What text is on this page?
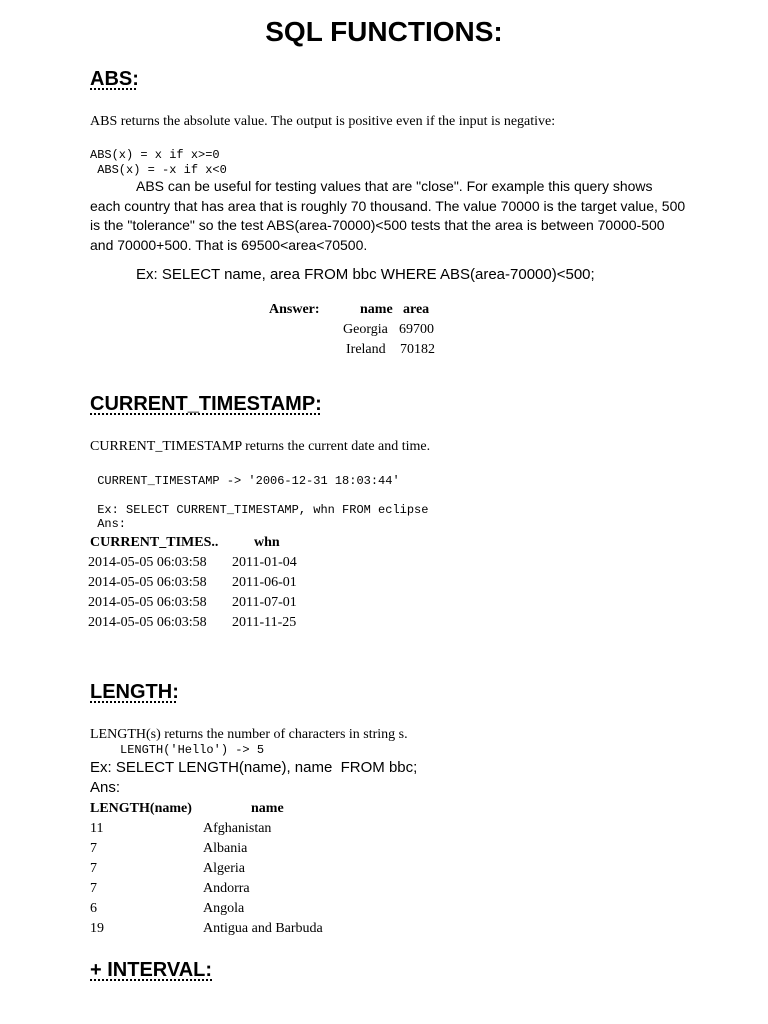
SQL FUNCTIONS:
ABS:
ABS returns the absolute value. The output is positive even if the input is negative:
ABS(x) = x if x>=0
ABS(x) = -x if x<0
ABS can be useful for testing values that are "close". For example this query shows
each country that has area that is roughly 70 thousand. The value 70000 is the target value, 500
is the "tolerance" so the test ABS(area-70000)<500 tests that the area is between 70000-500
and 70000+500. That is 69500<area<70500.
Ex: SELECT name, area FROM bbc WHERE ABS(area-70000)<500;
Answer:	name area
Georgia 69700
Ireland 70182
CURRENT_TIMESTAMP:
CURRENT_TIMESTAMP returns the current date and time.
CURRENT_TIMESTAMP -> '2006-12-31 18:03:44'
Ex: SELECT CURRENT_TIMESTAMP, whn FROM eclipse
Ans:
CURRENT_TIMES..	whn
2014-05-05 06:03:58 2011-01-04
2014-05-05 06:03:58 2011-06-01
2014-05-05 06:03:58 2011-07-01
2014-05-05 06:03:58 2011-11-25
LENGTH:
LENGTH(s) returns the number of characters in string s.
LENGTH('Hello') -> 5
Ex: SELECT LENGTH(name), name  FROM bbc;
Ans:
LENGTH(name)	name
11	Afghanistan
7	Albania
7	Algeria
7	Andorra
6	Angola
19	Antigua and Barbuda
+ INTERVAL:
